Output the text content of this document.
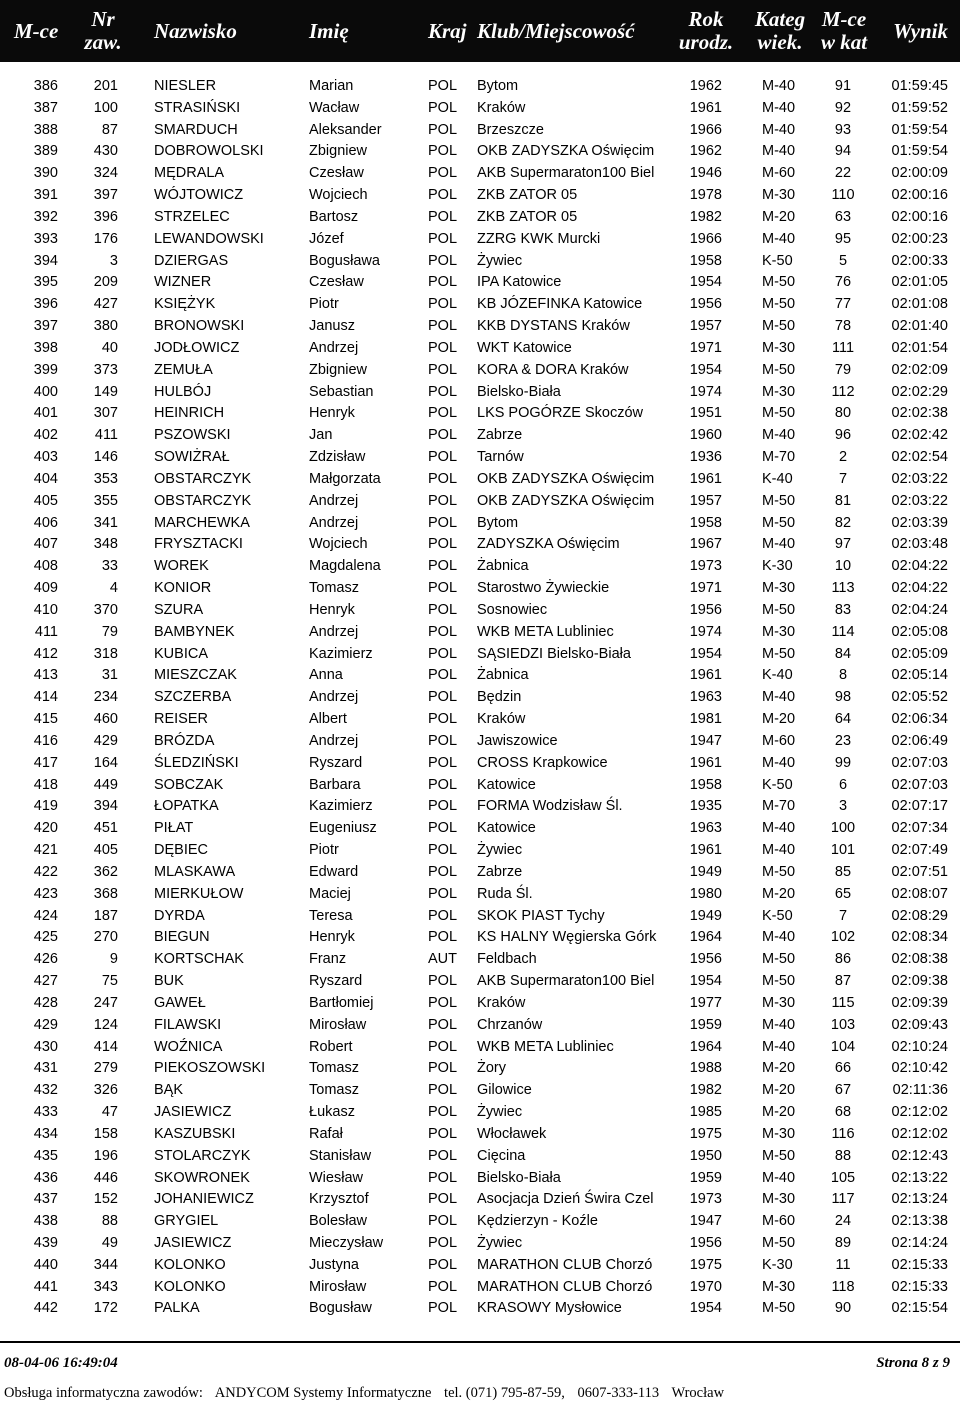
M-ce	Nr
zaw. Nazwisko	Imię	Kraj Klub/Miejscowość	Rok
urodz.
Kateg
wiek.
M-ce
w kat	Wynik
386	201 NIESLER	Marian	POL Bytom	1962	M-40	91	01:59:45
387	100 STRASIŃSKI	Wacław	POL Kraków	1961	M-40	92	01:59:52
388	87 SMARDUCH	Aleksander	POL Brzeszcze	1966	M-40	93	01:59:54
389	430 DOBROWOLSKI	Zbigniew	POL OKB ZADYSZKA Oświęcim	1962	M-40	94	01:59:54
390	324 MĘDRALA	Czesław	POL AKB Supermaraton100 Biel	1946	M-60	22	02:00:09
391	397 WÓJTOWICZ	Wojciech	POL ZKB ZATOR 05	1978	M-30	110	02:00:16
392	396 STRZELEC	Bartosz	POL ZKB ZATOR 05	1982	M-20	63	02:00:16
393	176 LEWANDOWSKI	Józef	POL ZZRG KWK Murcki	1966	M-40	95	02:00:23
394	3 DZIERGAS	Bogusława	POL Żywiec	1958	K-50	5	02:00:33
395	209 WIZNER	Czesław	POL IPA Katowice	1954	M-50	76	02:01:05
396	427 KSIĘŻYK	Piotr	POL KB JÓZEFINKA Katowice	1956	M-50	77	02:01:08
397	380 BRONOWSKI	Janusz	POL KKB DYSTANS Kraków	1957	M-50	78	02:01:40
398	40 JODŁOWICZ	Andrzej	POL WKT Katowice	1971	M-30	111	02:01:54
399	373 ZEMUŁA	Zbigniew	POL KORA & DORA Kraków	1954	M-50	79	02:02:09
400	149 HULBÓJ	Sebastian	POL Bielsko-Biała	1974	M-30	112	02:02:29
401	307 HEINRICH	Henryk	POL LKS POGÓRZE Skoczów	1951	M-50	80	02:02:38
402	411 PSZOWSKI	Jan	POL Zabrze	1960	M-40	96	02:02:42
403	146 SOWIŻRAŁ	Zdzisław	POL Tarnów	1936	M-70	2	02:02:54
404	353 OBSTARCZYK	Małgorzata	POL OKB ZADYSZKA Oświęcim	1961	K-40	7	02:03:22
405	355 OBSTARCZYK	Andrzej	POL OKB ZADYSZKA Oświęcim	1957	M-50	81	02:03:22
406	341 MARCHEWKA	Andrzej	POL Bytom	1958	M-50	82	02:03:39
407	348 FRYSZTACKI	Wojciech	POL ZADYSZKA Oświęcim	1967	M-40	97	02:03:48
408	33 WOREK	Magdalena	POL Żabnica	1973	K-30	10	02:04:22
409	4 KONIOR	Tomasz	POL Starostwo Żywieckie	1971	M-30	113	02:04:22
410	370 SZURA	Henryk	POL Sosnowiec	1956	M-50	83	02:04:24
411	79 BAMBYNEK	Andrzej	POL WKB META Lubliniec	1974	M-30	114	02:05:08
412	318 KUBICA	Kazimierz	POL SĄSIEDZI Bielsko-Biała	1954	M-50	84	02:05:09
413	31 MIESZCZAK	Anna	POL Żabnica	1961	K-40	8	02:05:14
414	234 SZCZERBA	Andrzej	POL Będzin	1963	M-40	98	02:05:52
415	460 REISER	Albert	POL Kraków	1981	M-20	64	02:06:34
416	429 BRÓZDA	Andrzej	POL Jawiszowice	1947	M-60	23	02:06:49
417	164 ŚLEDZIŃSKI	Ryszard	POL CROSS Krapkowice	1961	M-40	99	02:07:03
418	449 SOBCZAK	Barbara	POL Katowice	1958	K-50	6	02:07:03
419	394 ŁOPATKA	Kazimierz	POL FORMA Wodzisław Śl.	1935	M-70	3	02:07:17
420	451 PIŁAT	Eugeniusz	POL Katowice	1963	M-40	100	02:07:34
421	405 DĘBIEC	Piotr	POL Żywiec	1961	M-40	101	02:07:49
422	362 MLASKAWA	Edward	POL Zabrze	1949	M-50	85	02:07:51
423	368 MIERKUŁOW	Maciej	POL Ruda Śl.	1980	M-20	65	02:08:07
424	187 DYRDA	Teresa	POL SKOK PIAST Tychy	1949	K-50	7	02:08:29
425	270 BIEGUN	Henryk	POL KS HALNY Węgierska Górk	1964	M-40	102	02:08:34
426	9 KORTSCHAK	Franz	AUT Feldbach	1956	M-50	86	02:08:38
427	75 BUK	Ryszard	POL AKB Supermaraton100 Biel	1954	M-50	87	02:09:38
428	247 GAWEŁ	Bartłomiej	POL Kraków	1977	M-30	115	02:09:39
429	124 FILAWSKI	Mirosław	POL Chrzanów	1959	M-40	103	02:09:43
430	414 WOŹNICA	Robert	POL WKB META Lubliniec	1964	M-40	104	02:10:24
431	279 PIEKOSZOWSKI	Tomasz	POL Żory	1988	M-20	66	02:10:42
432	326 BĄK	Tomasz	POL Gilowice	1982	M-20	67	02:11:36
433	47 JASIEWICZ	Łukasz	POL Żywiec	1985	M-20	68	02:12:02
434	158 KASZUBSKI	Rafał	POL Włocławek	1975	M-30	116	02:12:02
435	196 STOLARCZYK	Stanisław	POL Cięcina	1950	M-50	88	02:12:43
436	446 SKOWRONEK	Wiesław	POL Bielsko-Biała	1959	M-40	105	02:13:22
437	152 JOHANIEWICZ	Krzysztof	POL Asocjacja Dzień Świra Czel	1973	M-30	117	02:13:24
438	88 GRYGIEL	Bolesław	POL Kędzierzyn - Koźle	1947	M-60	24	02:13:38
439	49 JASIEWICZ	Mieczysław	POL Żywiec	1956	M-50	89	02:14:24
440	344 KOLONKO	Justyna	POL MARATHON CLUB Chorzó	1975	K-30	11	02:15:33
441	343 KOLONKO	Mirosław	POL MARATHON CLUB Chorzó	1970	M-30	118	02:15:33
442	172 PALKA	Bogusław	POL KRASOWY Mysłowice	1954	M-50	90	02:15:54
08-04-06 16:49:04	Strona 8 z 9
Obsługa informatyczna zawodów: ANDYCOM Systemy Informatyczne tel. (071) 795-87-59, 0607-333-113 Wrocław
